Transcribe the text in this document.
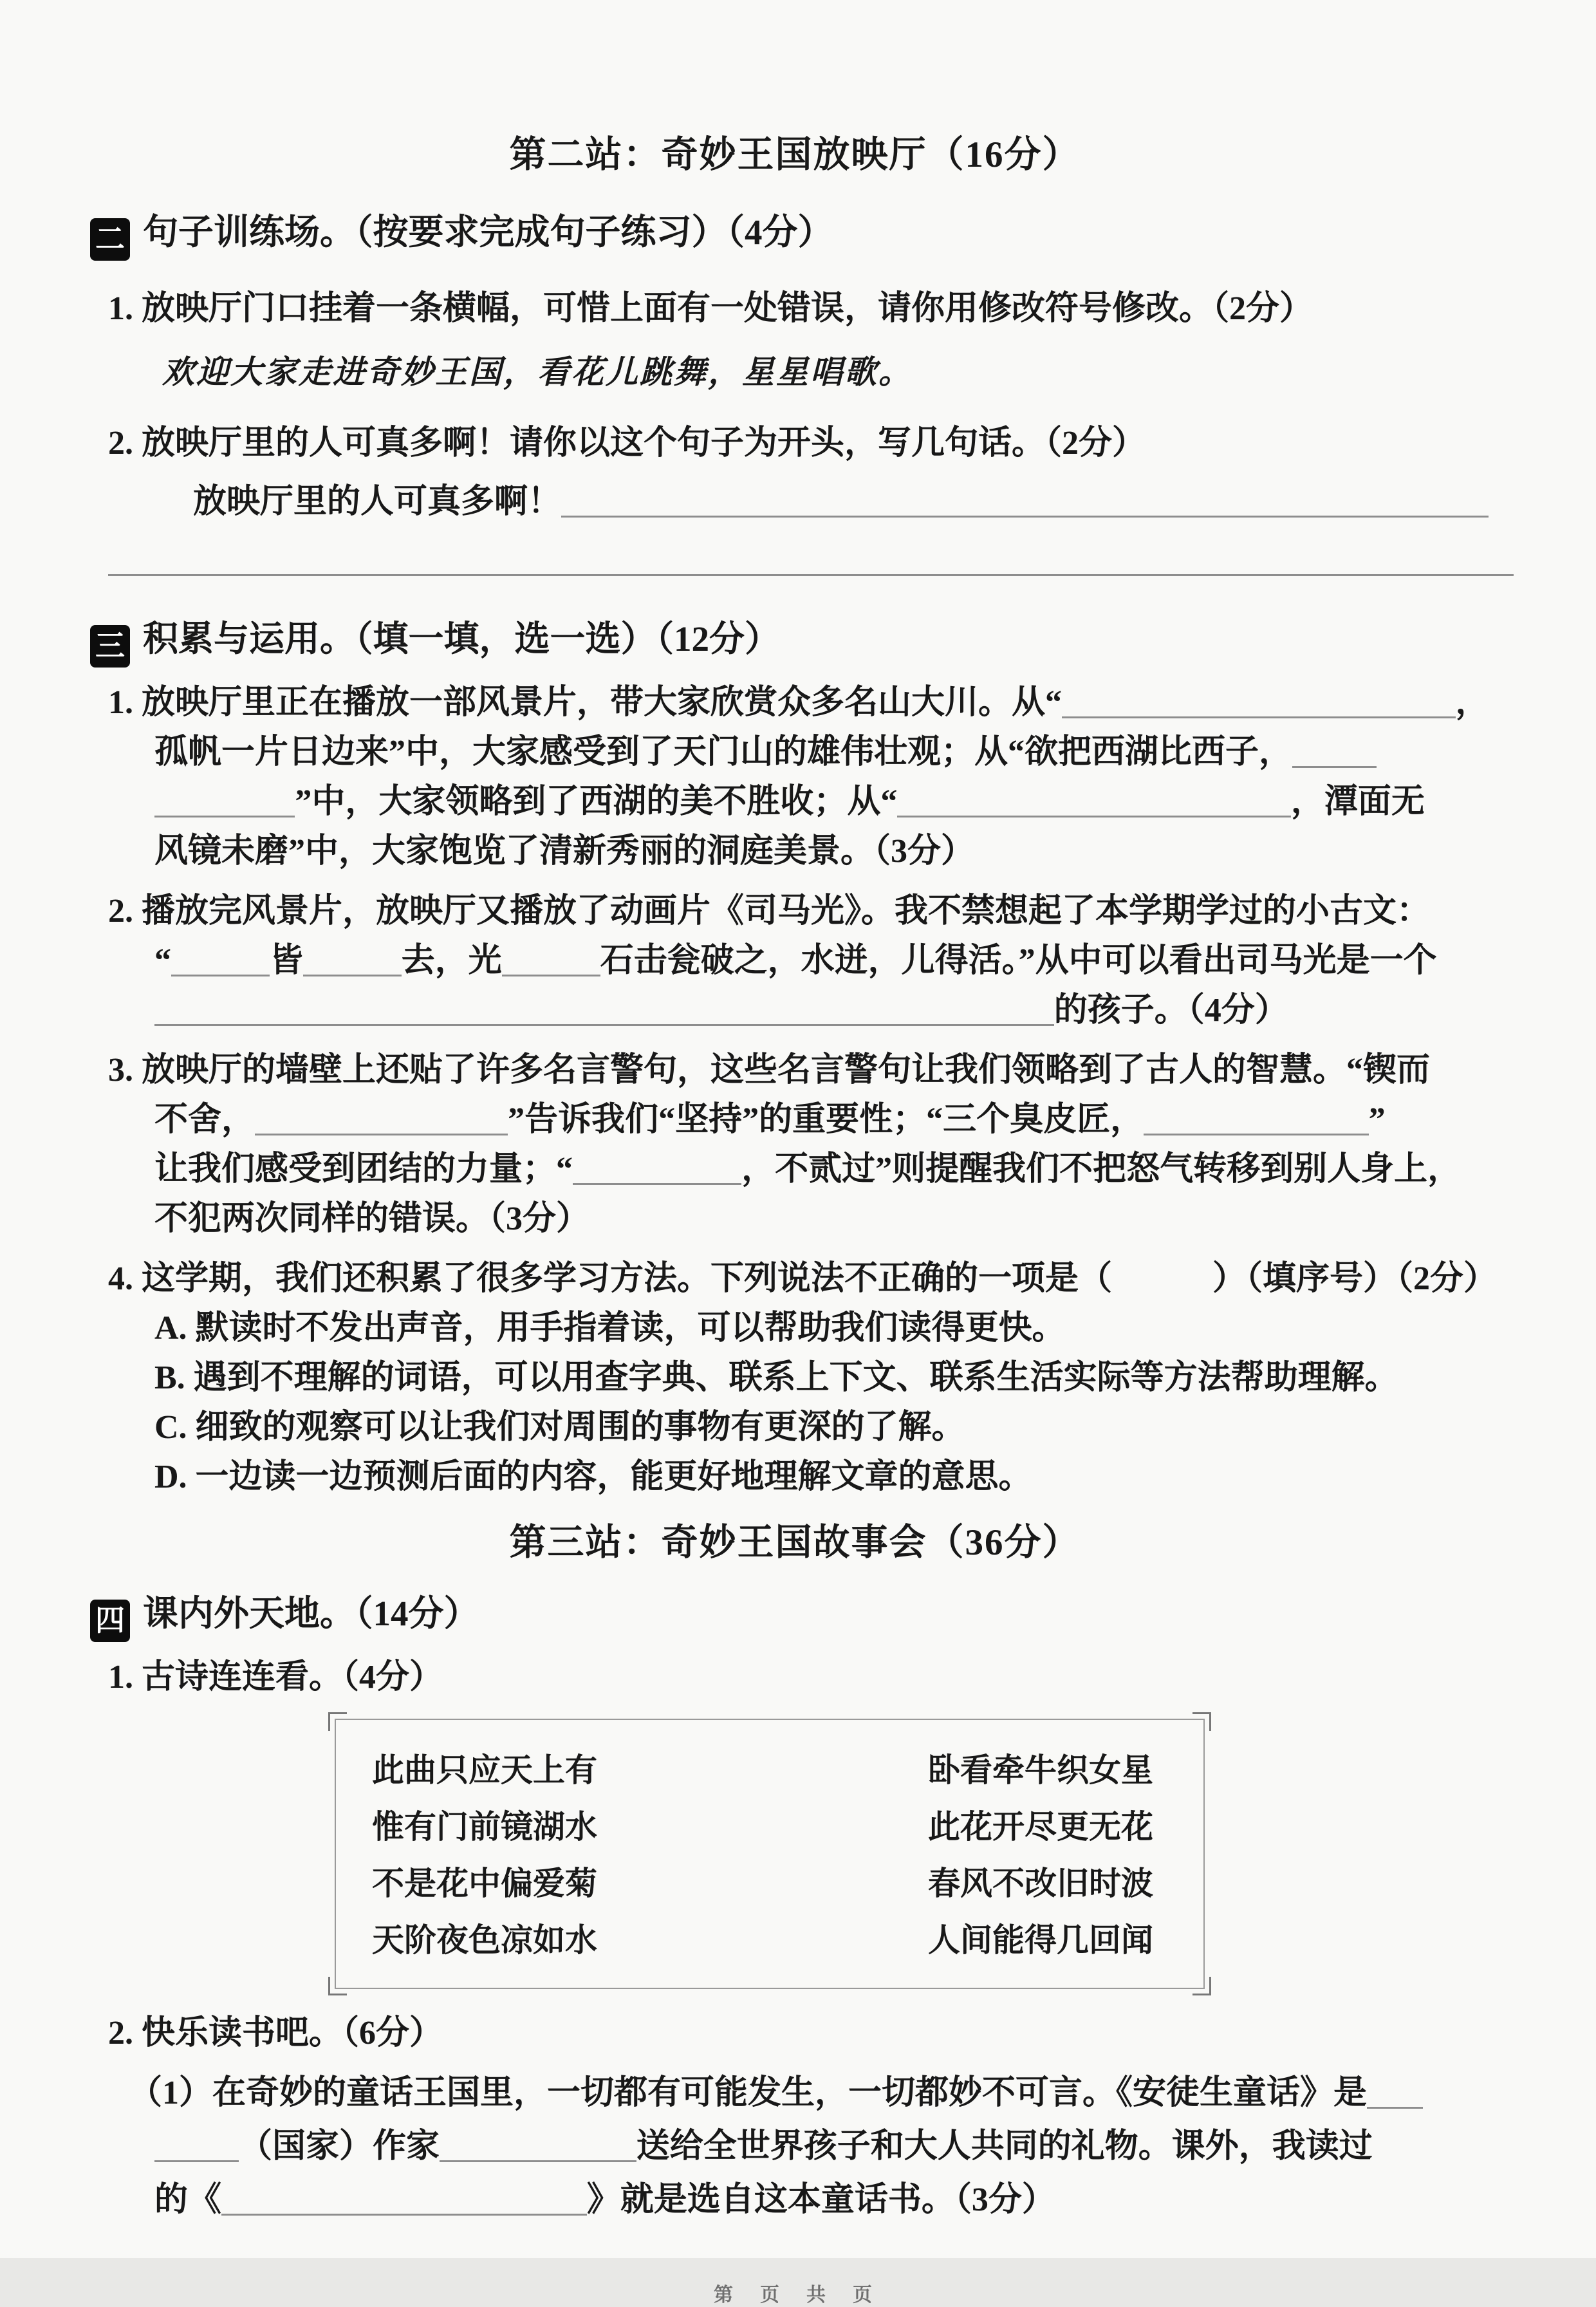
第二站：奇妙王国放映厅（16分）
二 句子训练场。（按要求完成句子练习）（4分）
1. 放映厅门口挂着一条横幅，可惜上面有一处错误，请你用修改符号修改。（2分）
欢迎大家走进奇妙王国，看花儿跳舞，星星唱歌。
2. 放映厅里的人可真多啊！请你以这个句子为开头，写几句话。（2分）
放映厅里的人可真多啊！
三 积累与运用。（填一填，选一选）（12分）
1. 放映厅里正在播放一部风景片，带大家欣赏众多名山大川。从“	，
孤帆一片日边来”中，大家感受到了天门山的雄伟壮观；从“欲把西湖比西子，
”中，大家领略到了西湖的美不胜收；从“	，潭面无
风镜未磨”中，大家饱览了清新秀丽的洞庭美景。（3分）
2. 播放完风景片，放映厅又播放了动画片《司马光》。我不禁想起了本学期学过的小古文：
“	皆	去，光	石击瓮破之，水迸，儿得活。”从中可以看出司马光是一个
的孩子。（4分）
3. 放映厅的墙壁上还贴了许多名言警句，这些名言警句让我们领略到了古人的智慧。“锲而
不舍，	”告诉我们“坚持”的重要性；“三个臭皮匠，	”
让我们感受到团结的力量；“	，不贰过”则提醒我们不把怒气转移到别人身上，
不犯两次同样的错误。（3分）
4. 这学期，我们还积累了很多学习方法。下列说法不正确的一项是（　　　）（填序号）（2分）
A. 默读时不发出声音，用手指着读，可以帮助我们读得更快。
B. 遇到不理解的词语，可以用查字典、联系上下文、联系生活实际等方法帮助理解。
C. 细致的观察可以让我们对周围的事物有更深的了解。
D. 一边读一边预测后面的内容，能更好地理解文章的意思。
第三站：奇妙王国故事会（36分）
四 课内外天地。（14分）
1. 古诗连连看。（4分）
此曲只应天上有	卧看牵牛织女星
惟有门前镜湖水	此花开尽更无花
不是花中偏爱菊	春风不改旧时波
天阶夜色凉如水	人间能得几回闻
2. 快乐读书吧。（6分）
（1）在奇妙的童话王国里，一切都有可能发生，一切都妙不可言。《安徒生童话》是
（国家）作家	送给全世界孩子和大人共同的礼物。课外，我读过
的《	》就是选自这本童话书。（3分）
第　页　共　页
